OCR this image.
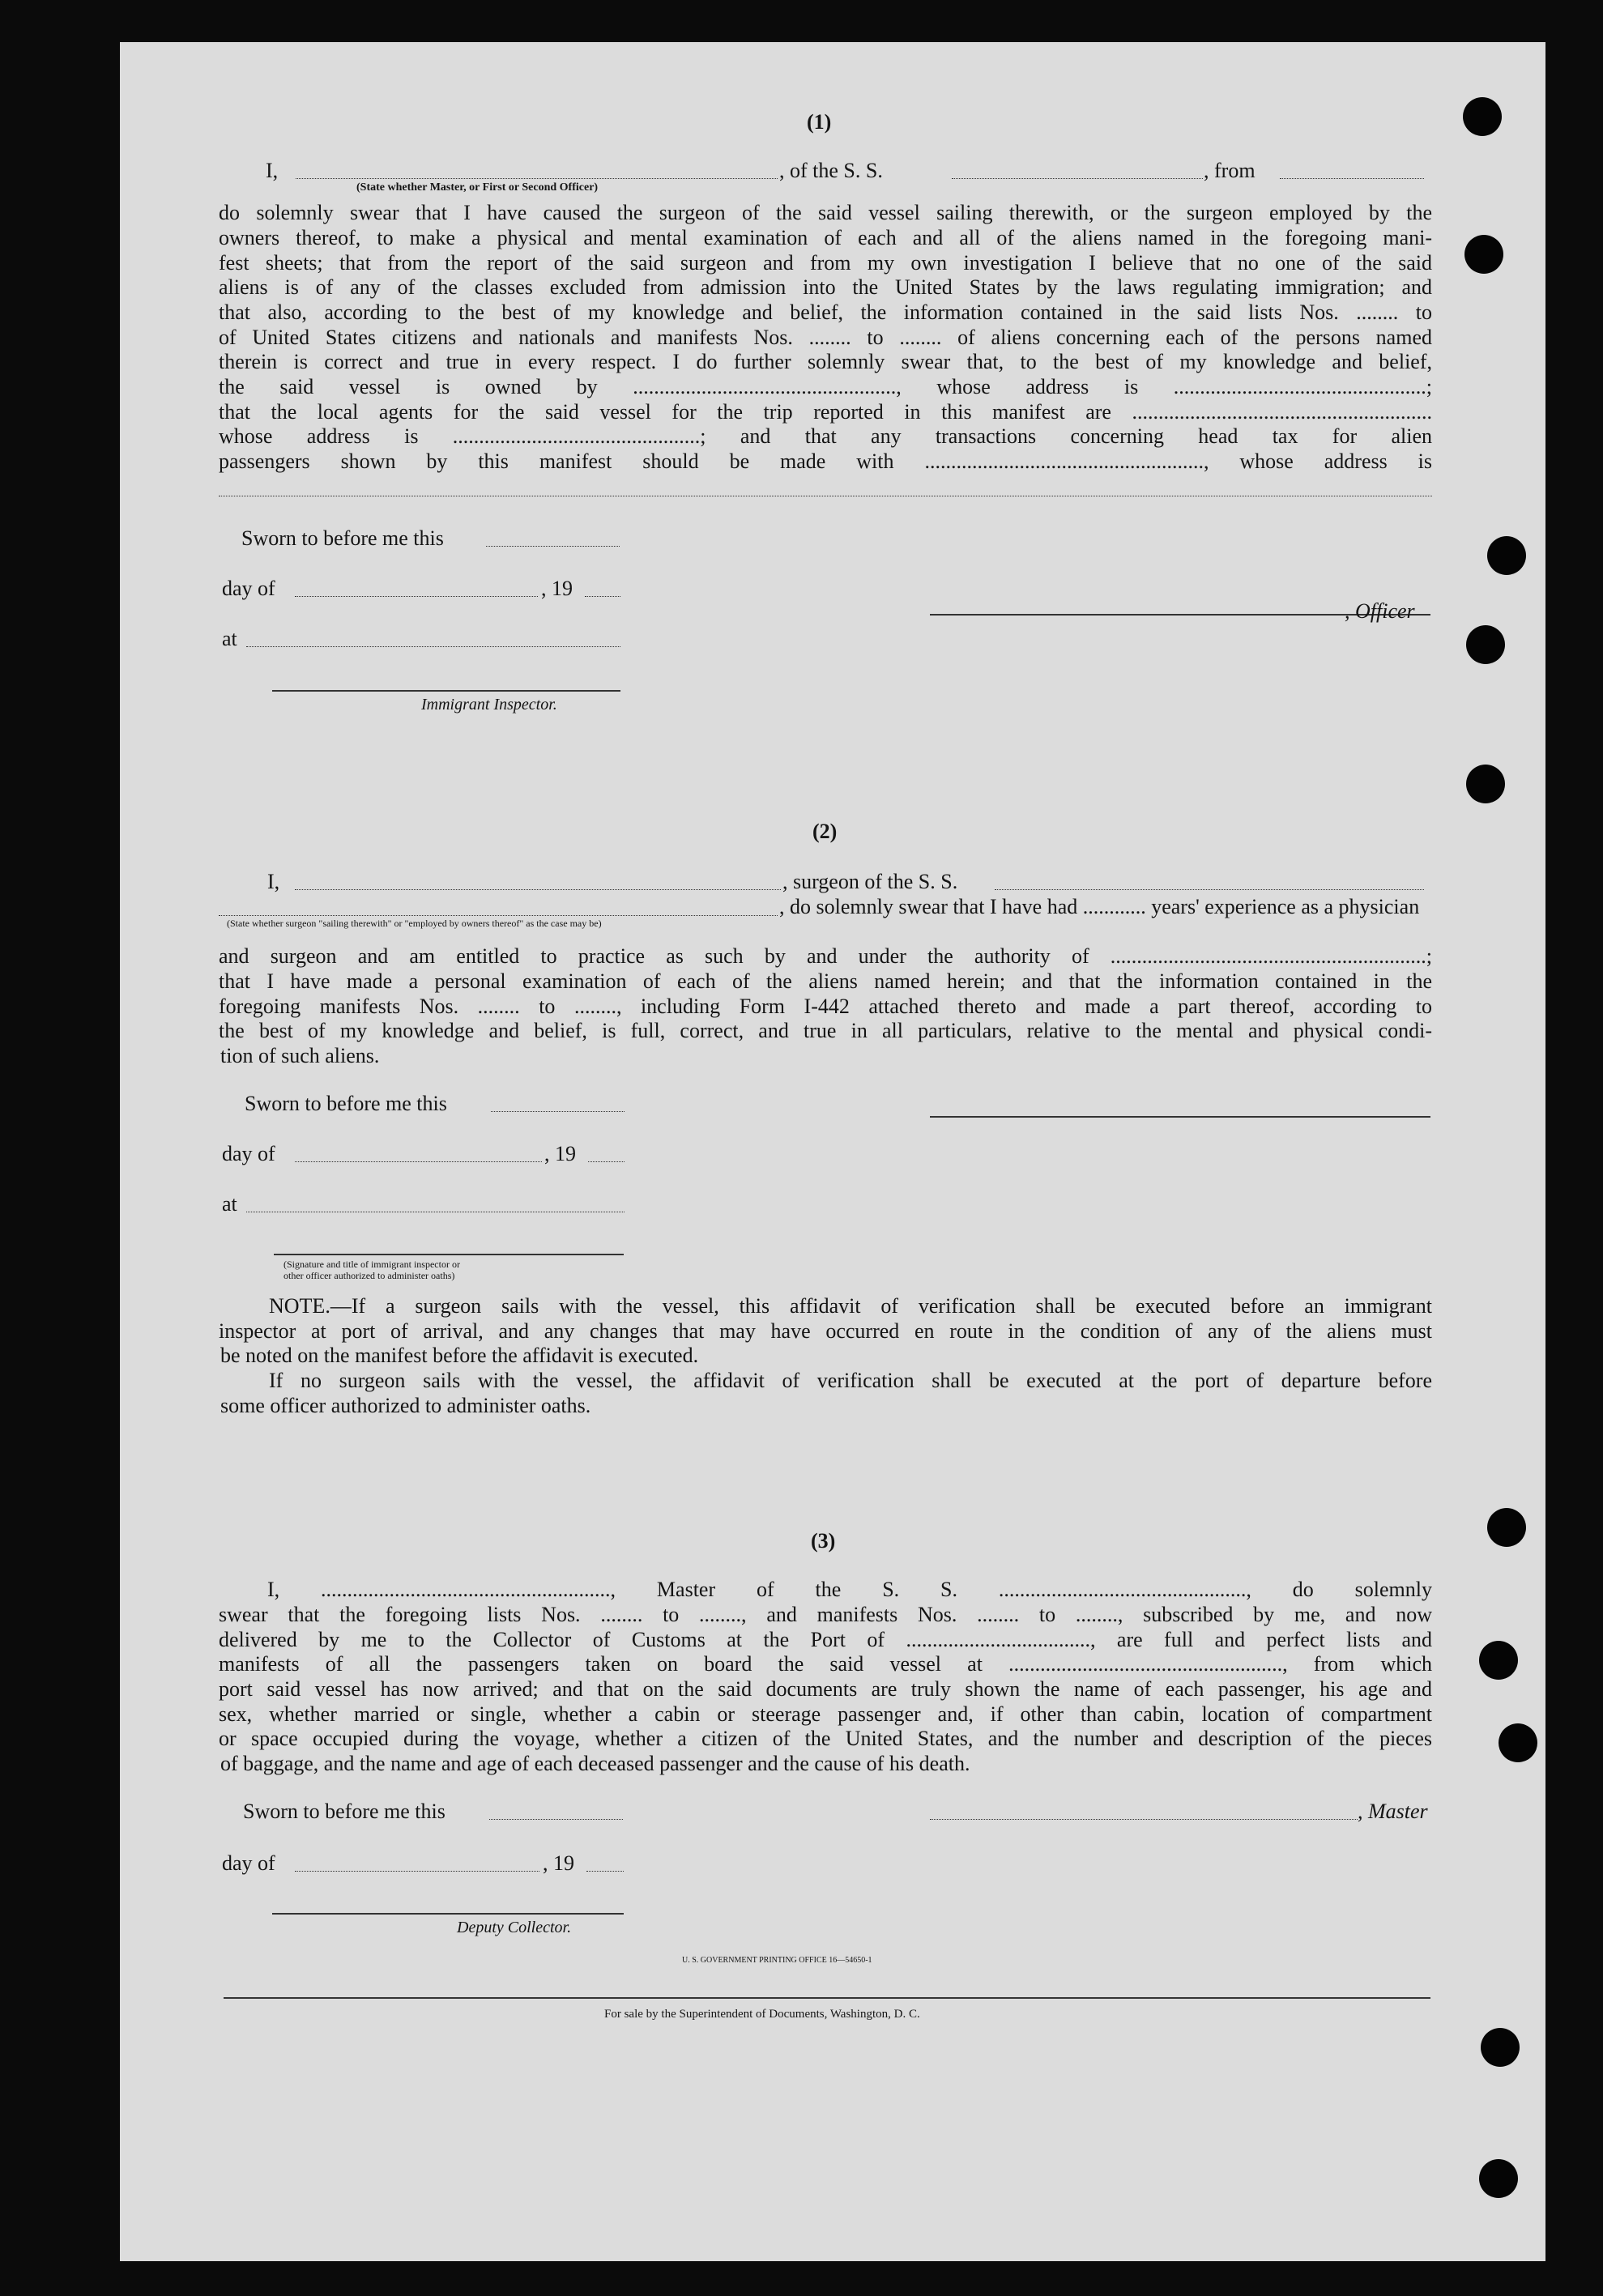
(1)
I,	, of the S. S.	, from
(State whether Master, or First or Second Officer)
do solemnly swear that I have caused the surgeon of the said vessel sailing therewith, or the surgeon employed by the
owners thereof, to make a physical and mental examination of each and all of the aliens named in the foregoing mani-
fest sheets; that from the report of the said surgeon and from my own investigation I believe that no one of the said
aliens is of any of the classes excluded from admission into the United States by the laws regulating immigration; and
that also, according to the best of my knowledge and belief, the information contained in the said lists Nos. ........ to
of United States citizens and nationals and manifests Nos. ........ to ........ of aliens concerning each of the persons named
therein is correct and true in every respect. I do further solemnly swear that, to the best of my knowledge and belief,
the said vessel is owned by .................................................., whose address is ................................................;
that the local agents for the said vessel for the trip reported in this manifest are .........................................................
whose address is ...............................................; and that any transactions concerning head tax for alien
passengers shown by this manifest should be made with ....................................................., whose address is
Sworn to before me this
, Officer
day of	, 19
at
Immigrant Inspector.
(2)
I,	, surgeon of the S. S.
, do solemnly swear that I have had ............ years' experience as a physician
(State whether surgeon "sailing therewith" or "employed by owners thereof" as the case may be)
and surgeon and am entitled to practice as such by and under the authority of ............................................................;
that I have made a personal examination of each of the aliens named herein; and that the information contained in the
foregoing manifests Nos. ........ to ........, including Form I-442 attached thereto and made a part thereof, according to
the best of my knowledge and belief, is full, correct, and true in all particulars, relative to the mental and physical condi-
tion of such aliens.
Sworn to before me this
day of	, 19
at
(Signature and title of immigrant inspector or
other officer authorized to administer oaths)
NOTE.—If a surgeon sails with the vessel, this affidavit of verification shall be executed before an immigrant
inspector at port of arrival, and any changes that may have occurred en route in the condition of any of the aliens must
be noted on the manifest before the affidavit is executed.
If no surgeon sails with the vessel, the affidavit of verification shall be executed at the port of departure before
some officer authorized to administer oaths.
(3)
I, ......................................................., Master of the S. S. ..............................................., do solemnly
swear that the foregoing lists Nos. ........ to ........, and manifests Nos. ........ to ........, subscribed by me, and now
delivered by me to the Collector of Customs at the Port of ..................................., are full and perfect lists and
manifests of all the passengers taken on board the said vessel at ...................................................., from which
port said vessel has now arrived; and that on the said documents are truly shown the name of each passenger, his age and
sex, whether married or single, whether a cabin or steerage passenger and, if other than cabin, location of compartment
or space occupied during the voyage, whether a citizen of the United States, and the number and description of the pieces
of baggage, and the name and age of each deceased passenger and the cause of his death.
Sworn to before me this	, Master
day of	, 19
Deputy Collector.
U. S. GOVERNMENT PRINTING OFFICE 16—54650-1
For sale by the Superintendent of Documents, Washington, D. C.
